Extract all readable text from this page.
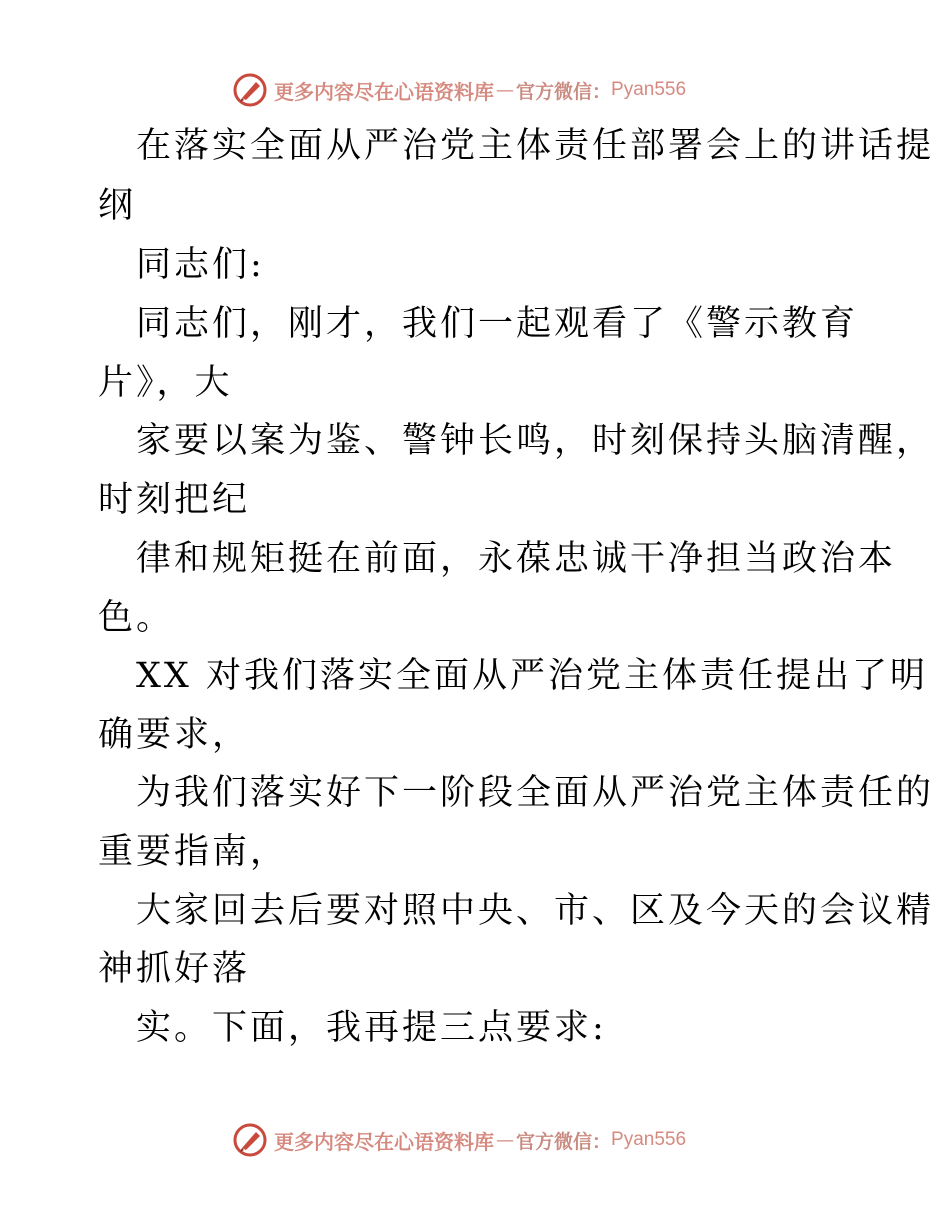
更多内容尽在心语资料库 — 官方微信： Pyan556
在落实全面从严治党主体责任部署会上的讲话提
纲
同志们:
同志们，刚才，我们一起观看了《警示教育
片》，大
家要以案为鉴、警钟长鸣，时刻保持头脑清醒，
时刻把纪
律和规矩挺在前面，永葆忠诚干净担当政治本
色。
XX 对我们落实全面从严治党主体责任提出了明
确要求，
为我们落实好下一阶段全面从严治党主体责任的
重要指南，
大家回去后要对照中央、市、区及今天的会议精
神抓好落
实。下面，我再提三点要求:
更多内容尽在心语资料库 — 官方微信： Pyan556
